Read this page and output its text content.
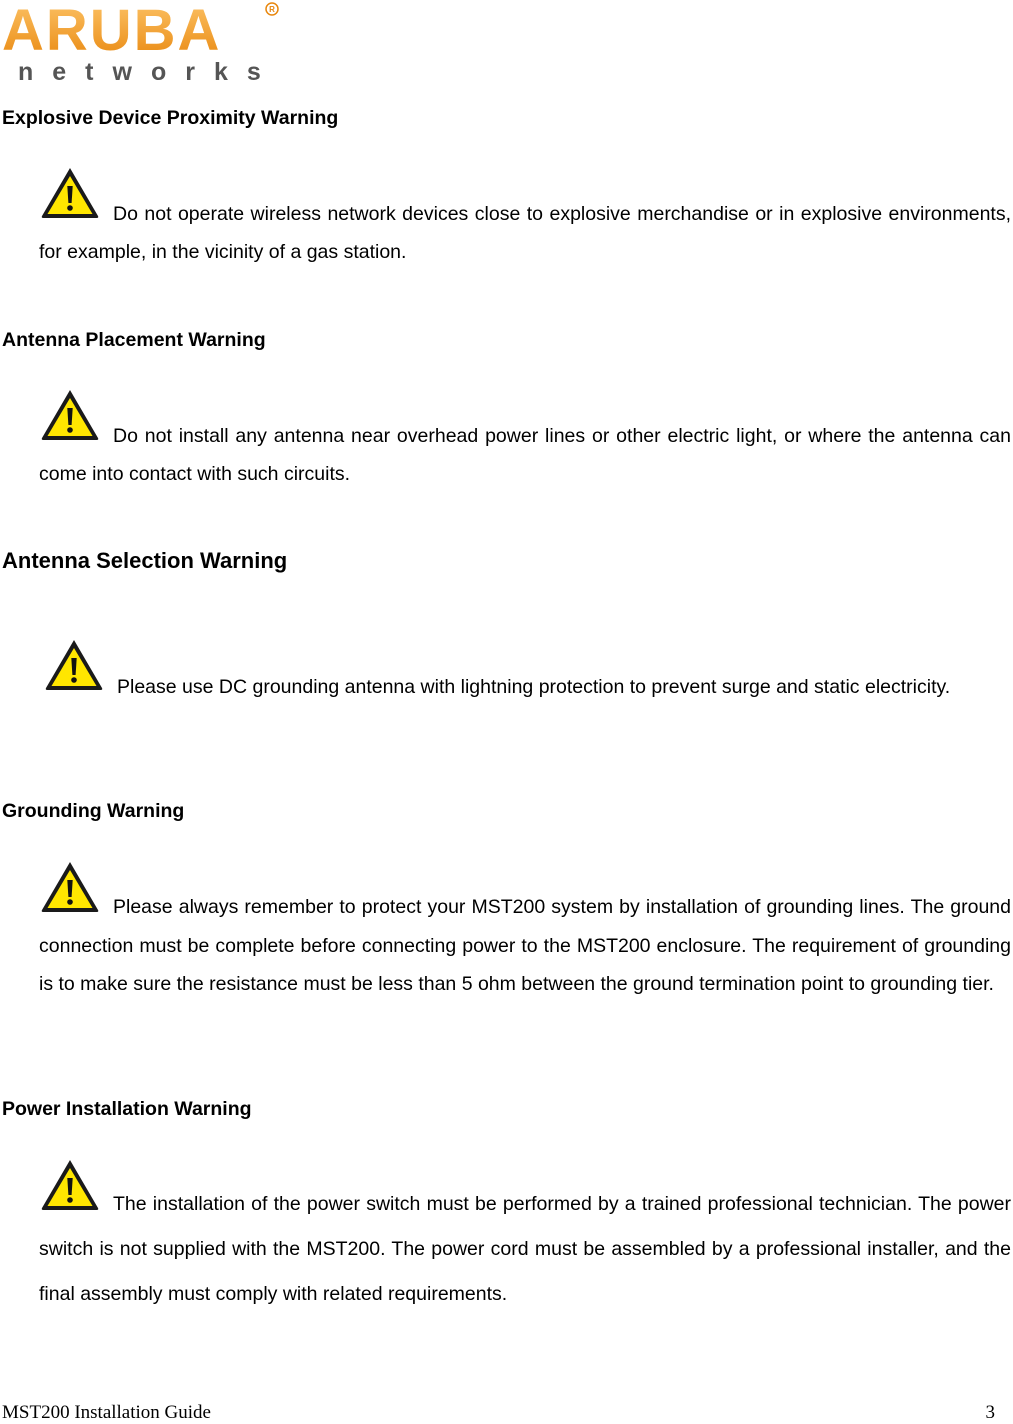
ARUBA	R
networks
Explosive Device Proximity Warning

Do not operate wireless network devices close to explosive merchandise or in explosive environments, for example, in the vicinity of a gas station.

Antenna Placement Warning

Do not install any antenna near overhead power lines or other electric light, or where the antenna can come into contact with such circuits.

Antenna Selection Warning

Please use DC grounding antenna with lightning protection to prevent surge and static electricity.

Grounding Warning

Please always remember to protect your MST200 system by installation of grounding lines. The ground connection must be complete before connecting power to the MST200 enclosure. The requirement of grounding is to make sure the resistance must be less than 5 ohm between the ground termination point to grounding tier.

Power Installation Warning

The installation of the power switch must be performed by a trained professional technician. The power switch is not supplied with the MST200. The power cord must be assembled by a professional installer, and the final assembly must comply with related requirements.

MST200 Installation Guide	3
